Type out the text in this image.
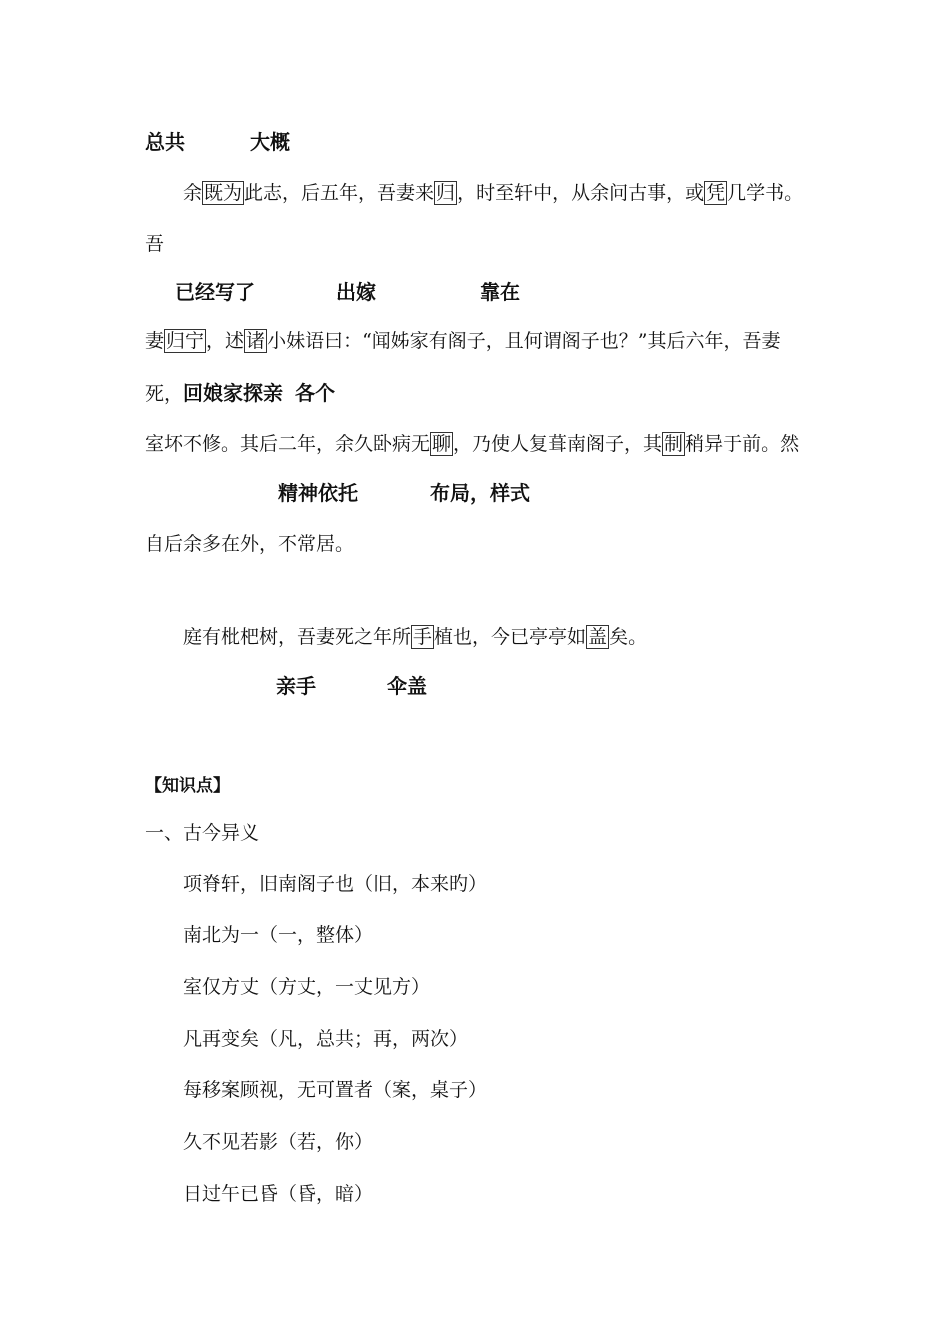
总共	大概
余 既为 此志，后五年，吾妻来 归 ，时至轩中，从余问古事，或 凭 几学书。
吾
已经写了	出嫁	靠在
妻 归宁 ，述 诸 小妹语曰：“闻姊家有阁子，且何谓阁子也？”其后六年，吾妻
死，回娘家探亲 各个
室坏不修。其后二年，余久卧病无 聊 ，乃使人复葺南阁子，其 制 稍异于前。然
精神依托	布局，样式
自后余多在外，不常居。
庭有枇杷树，吾妻死之年所 手 植也，今已亭亭如 盖 矣。
亲手	伞盖
【知识点】
一、古今异义
项脊轩，旧南阁子也（旧，本来旳）
南北为一（一，整体）
室仅方丈（方丈，一丈见方）
凡再变矣（凡，总共；再，两次）
每移案顾视，无可置者（案，桌子）
久不见若影（若，你）
日过午已昏（昏，暗）
